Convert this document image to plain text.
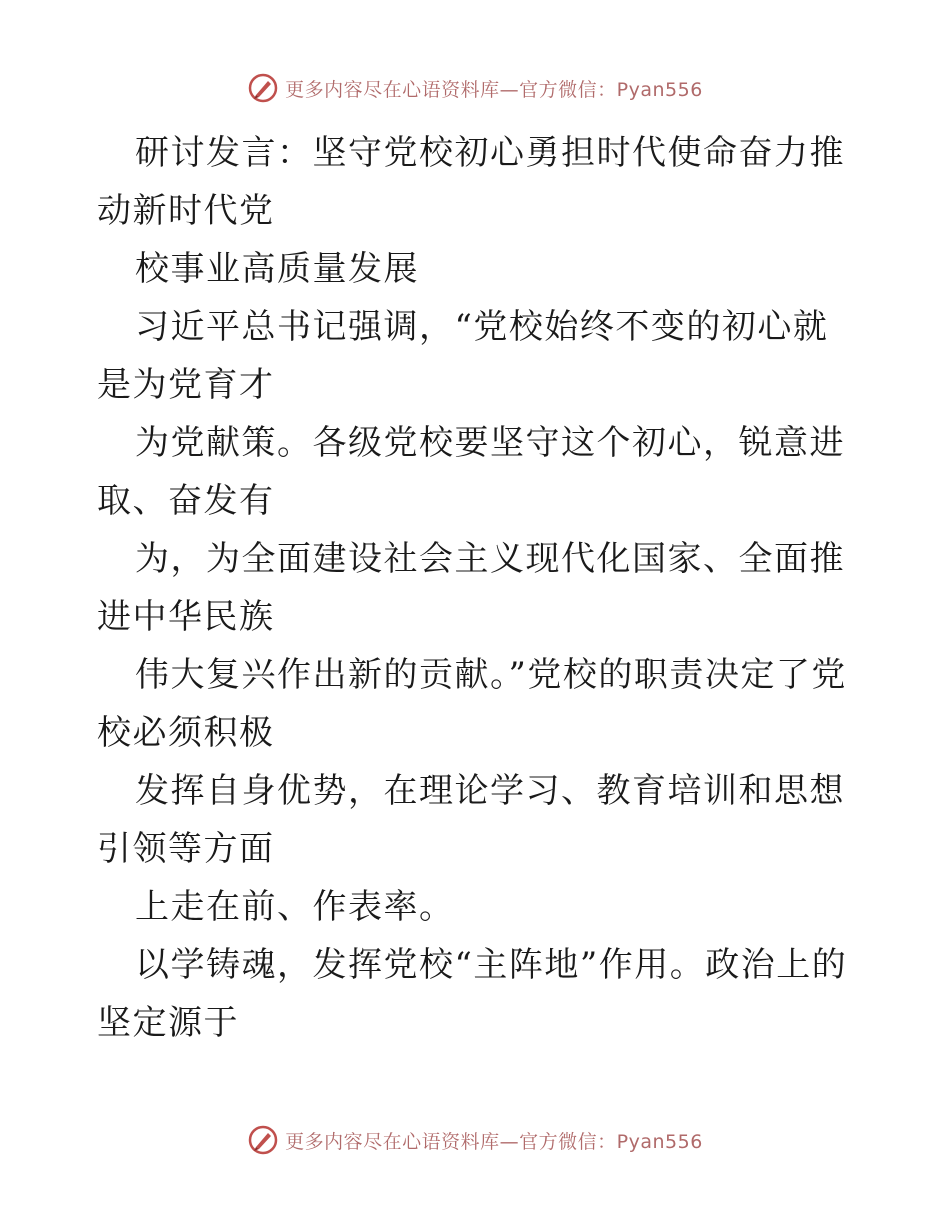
更多内容尽在心语资料库—官方微信：Pyan556

研讨发言：坚守党校初心勇担时代使命奋力推动新时代党

校事业高质量发展

习近平总书记强调，“党校始终不变的初心就是为党育才

为党献策。各级党校要坚守这个初心，锐意进取、奋发有

为，为全面建设社会主义现代化国家、全面推进中华民族

伟大复兴作出新的贡献。”党校的职责决定了党校必须积极

发挥自身优势，在理论学习、教育培训和思想引领等方面

上走在前、作表率。

以学铸魂，发挥党校“主阵地”作用。政治上的坚定源于

更多内容尽在心语资料库—官方微信：Pyan556
